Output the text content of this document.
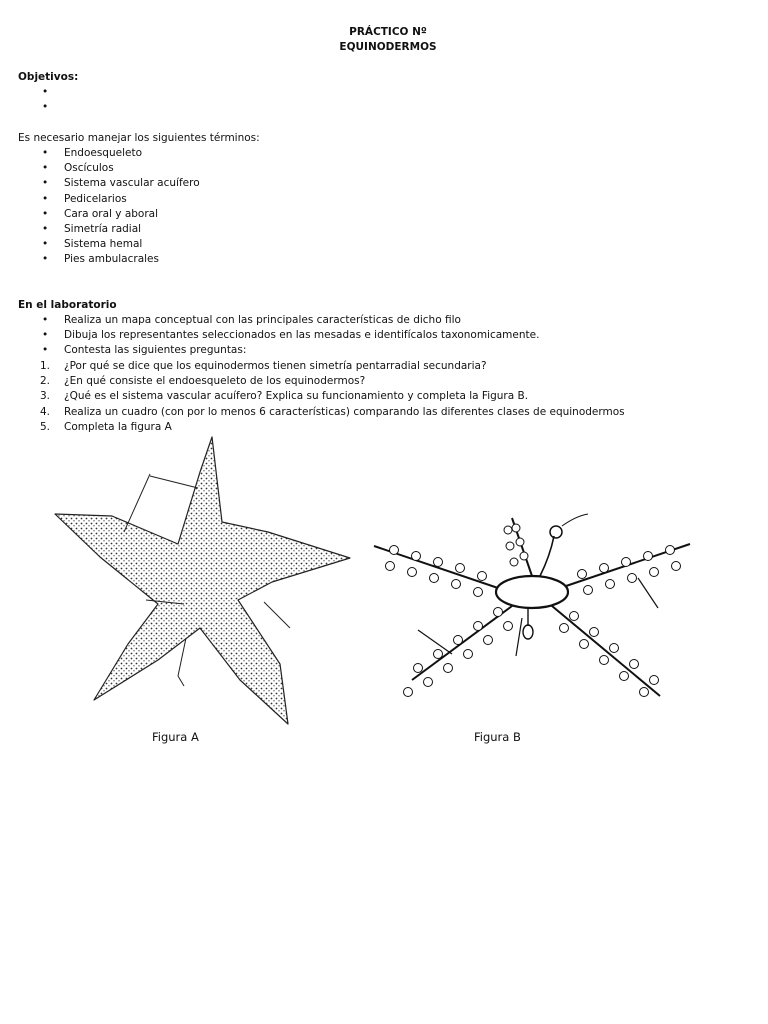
PRÁCTICO Nº
EQUINODERMOS
Objetivos:
•
•
Es necesario manejar los siguientes términos:
• Endoesqueleto
• Oscículos
• Sistema vascular acuífero
• Pedicelarios
• Cara oral y aboral
• Simetría radial
• Sistema hemal
• Pies ambulacrales
En el laboratorio
• Realiza un mapa conceptual con las principales características de dicho filo
• Dibuja los representantes seleccionados en las mesadas e identifícalos taxonomicamente.
• Contesta las siguientes preguntas:
1. ¿Por qué se dice que los equinodermos tienen simetría pentarradial secundaria?
2. ¿En qué consiste el endoesqueleto de los equinodermos?
3. ¿Qué es el sistema vascular acuífero? Explica su funcionamiento y completa la Figura B.
4. Realiza un cuadro (con por lo menos 6 características) comparando las diferentes clases de equinodermos
5. Completa la figura A
Figura A	Figura B
